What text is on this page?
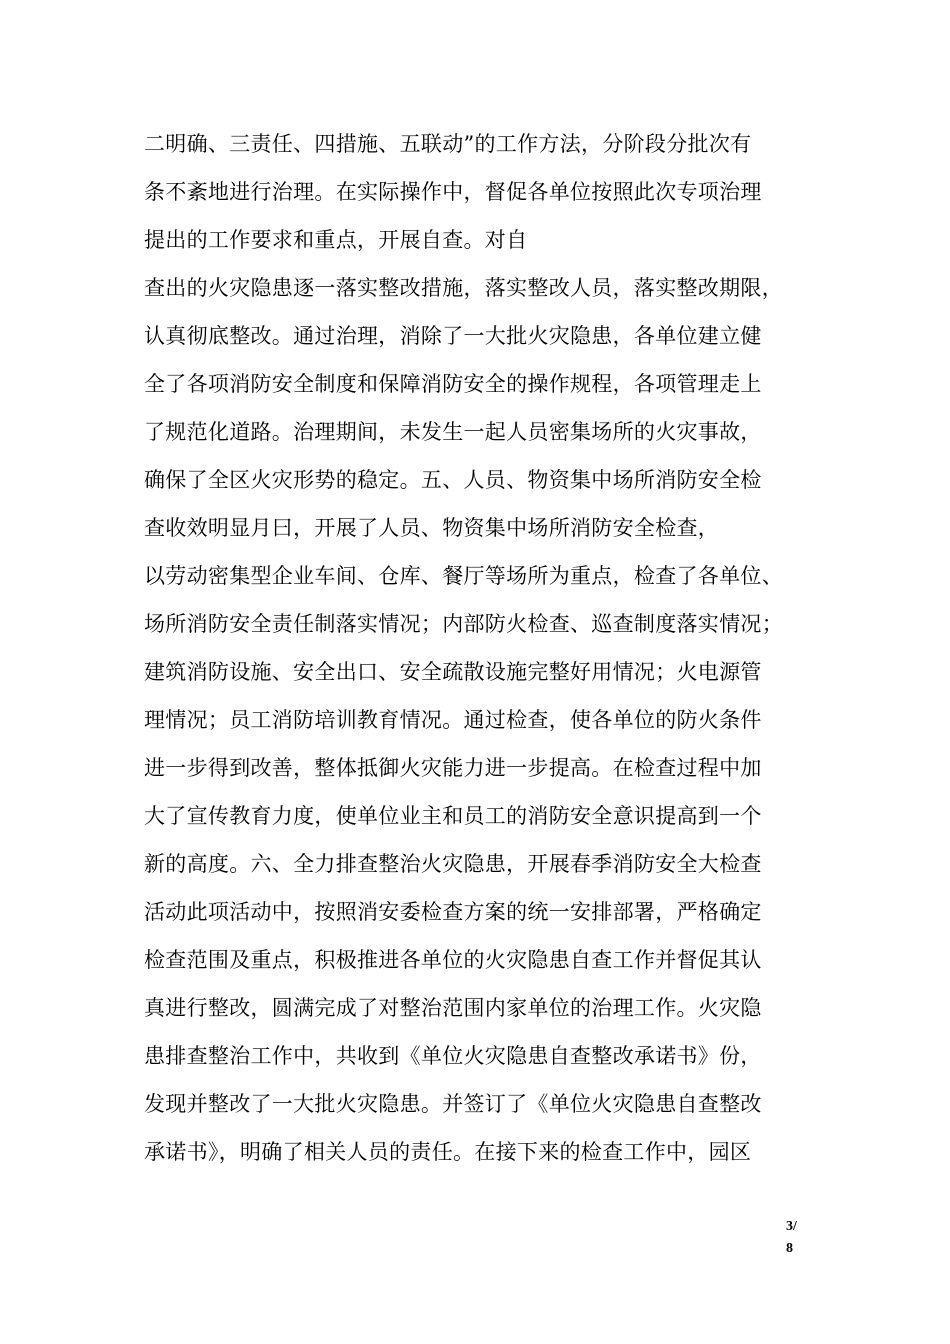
二明确、三责任、四措施、五联动”的工作方法，分阶段分批次有
条不紊地进行治理。在实际操作中，督促各单位按照此次专项治理
提出的工作要求和重点，开展自查。对自
查出的火灾隐患逐一落实整改措施，落实整改人员，落实整改期限，
认真彻底整改。通过治理，消除了一大批火灾隐患，各单位建立健
全了各项消防安全制度和保障消防安全的操作规程，各项管理走上
了规范化道路。治理期间，未发生一起人员密集场所的火灾事故，
确保了全区火灾形势的稳定。五、人员、物资集中场所消防安全检
查收效明显月曰，开展了人员、物资集中场所消防安全检查，
以劳动密集型企业车间、仓库、餐厅等场所为重点，检查了各单位、
场所消防安全责任制落实情况；内部防火检查、巡查制度落实情况；
建筑消防设施、安全出口、安全疏散设施完整好用情况；火电源管
理情况；员工消防培训教育情况。通过检查，使各单位的防火条件
进一步得到改善，整体抵御火灾能力进一步提高。在检查过程中加
大了宣传教育力度，使单位业主和员工的消防安全意识提高到一个
新的高度。六、全力排查整治火灾隐患，开展春季消防安全大检查
活动此项活动中，按照消安委检查方案的统一安排部署，严格确定
检查范围及重点，积极推进各单位的火灾隐患自查工作并督促其认
真进行整改，圆满完成了对整治范围内家单位的治理工作。火灾隐
患排查整治工作中，共收到《单位火灾隐患自查整改承诺书》份，
发现并整改了一大批火灾隐患。并签订了《单位火灾隐患自查整改
承诺书》，明确了相关人员的责任。在接下来的检查工作中，园区
3/
8
